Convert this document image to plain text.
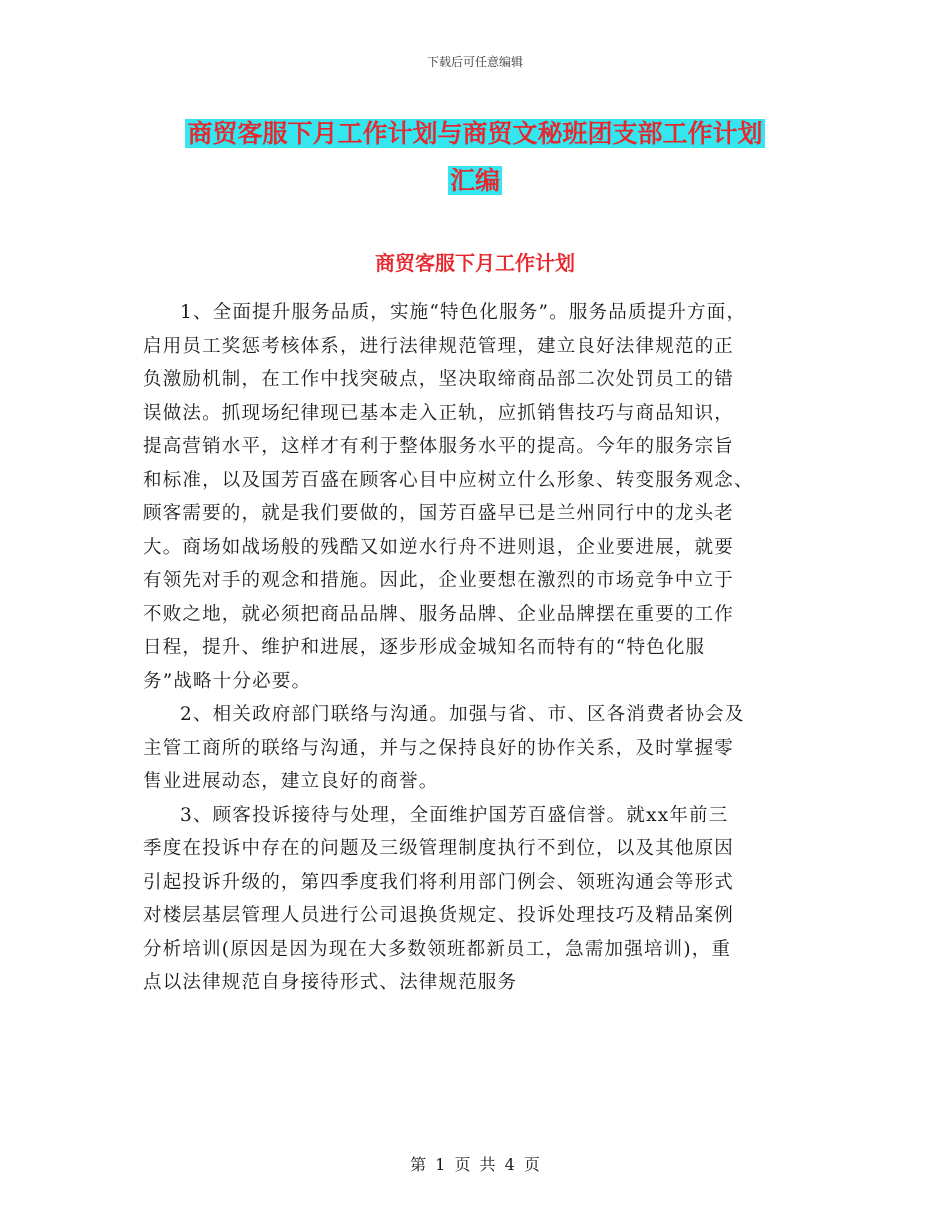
下载后可任意编辑
商贸客服下月工作计划与商贸文秘班团支部工作计划
汇编
商贸客服下月工作计划
1、全面提升服务品质，实施“特色化服务”。服务品质提升方面，
启用员工奖惩考核体系，进行法律规范管理，建立良好法律规范的正
负激励机制，在工作中找突破点，坚决取缔商品部二次处罚员工的错
误做法。抓现场纪律现已基本走入正轨，应抓销售技巧与商品知识，
提高营销水平，这样才有利于整体服务水平的提高。今年的服务宗旨
和标准，以及国芳百盛在顾客心目中应树立什么形象、转变服务观念、
顾客需要的，就是我们要做的，国芳百盛早已是兰州同行中的龙头老
大。商场如战场般的残酷又如逆水行舟不进则退，企业要进展，就要
有领先对手的观念和措施。因此，企业要想在激烈的市场竞争中立于
不败之地，就必须把商品品牌、服务品牌、企业品牌摆在重要的工作
日程，提升、维护和进展，逐步形成金城知名而特有的“特色化服
务”战略十分必要。
2、相关政府部门联络与沟通。加强与省、市、区各消费者协会及
主管工商所的联络与沟通，并与之保持良好的协作关系，及时掌握零
售业进展动态，建立良好的商誉。
3、顾客投诉接待与处理，全面维护国芳百盛信誉。就xx年前三
季度在投诉中存在的问题及三级管理制度执行不到位，以及其他原因
引起投诉升级的，第四季度我们将利用部门例会、领班沟通会等形式
对楼层基层管理人员进行公司退换货规定、投诉处理技巧及精品案例
分析培训(原因是因为现在大多数领班都新员工，急需加强培训)，重
点以法律规范自身接待形式、法律规范服务
第 1 页 共 4 页
